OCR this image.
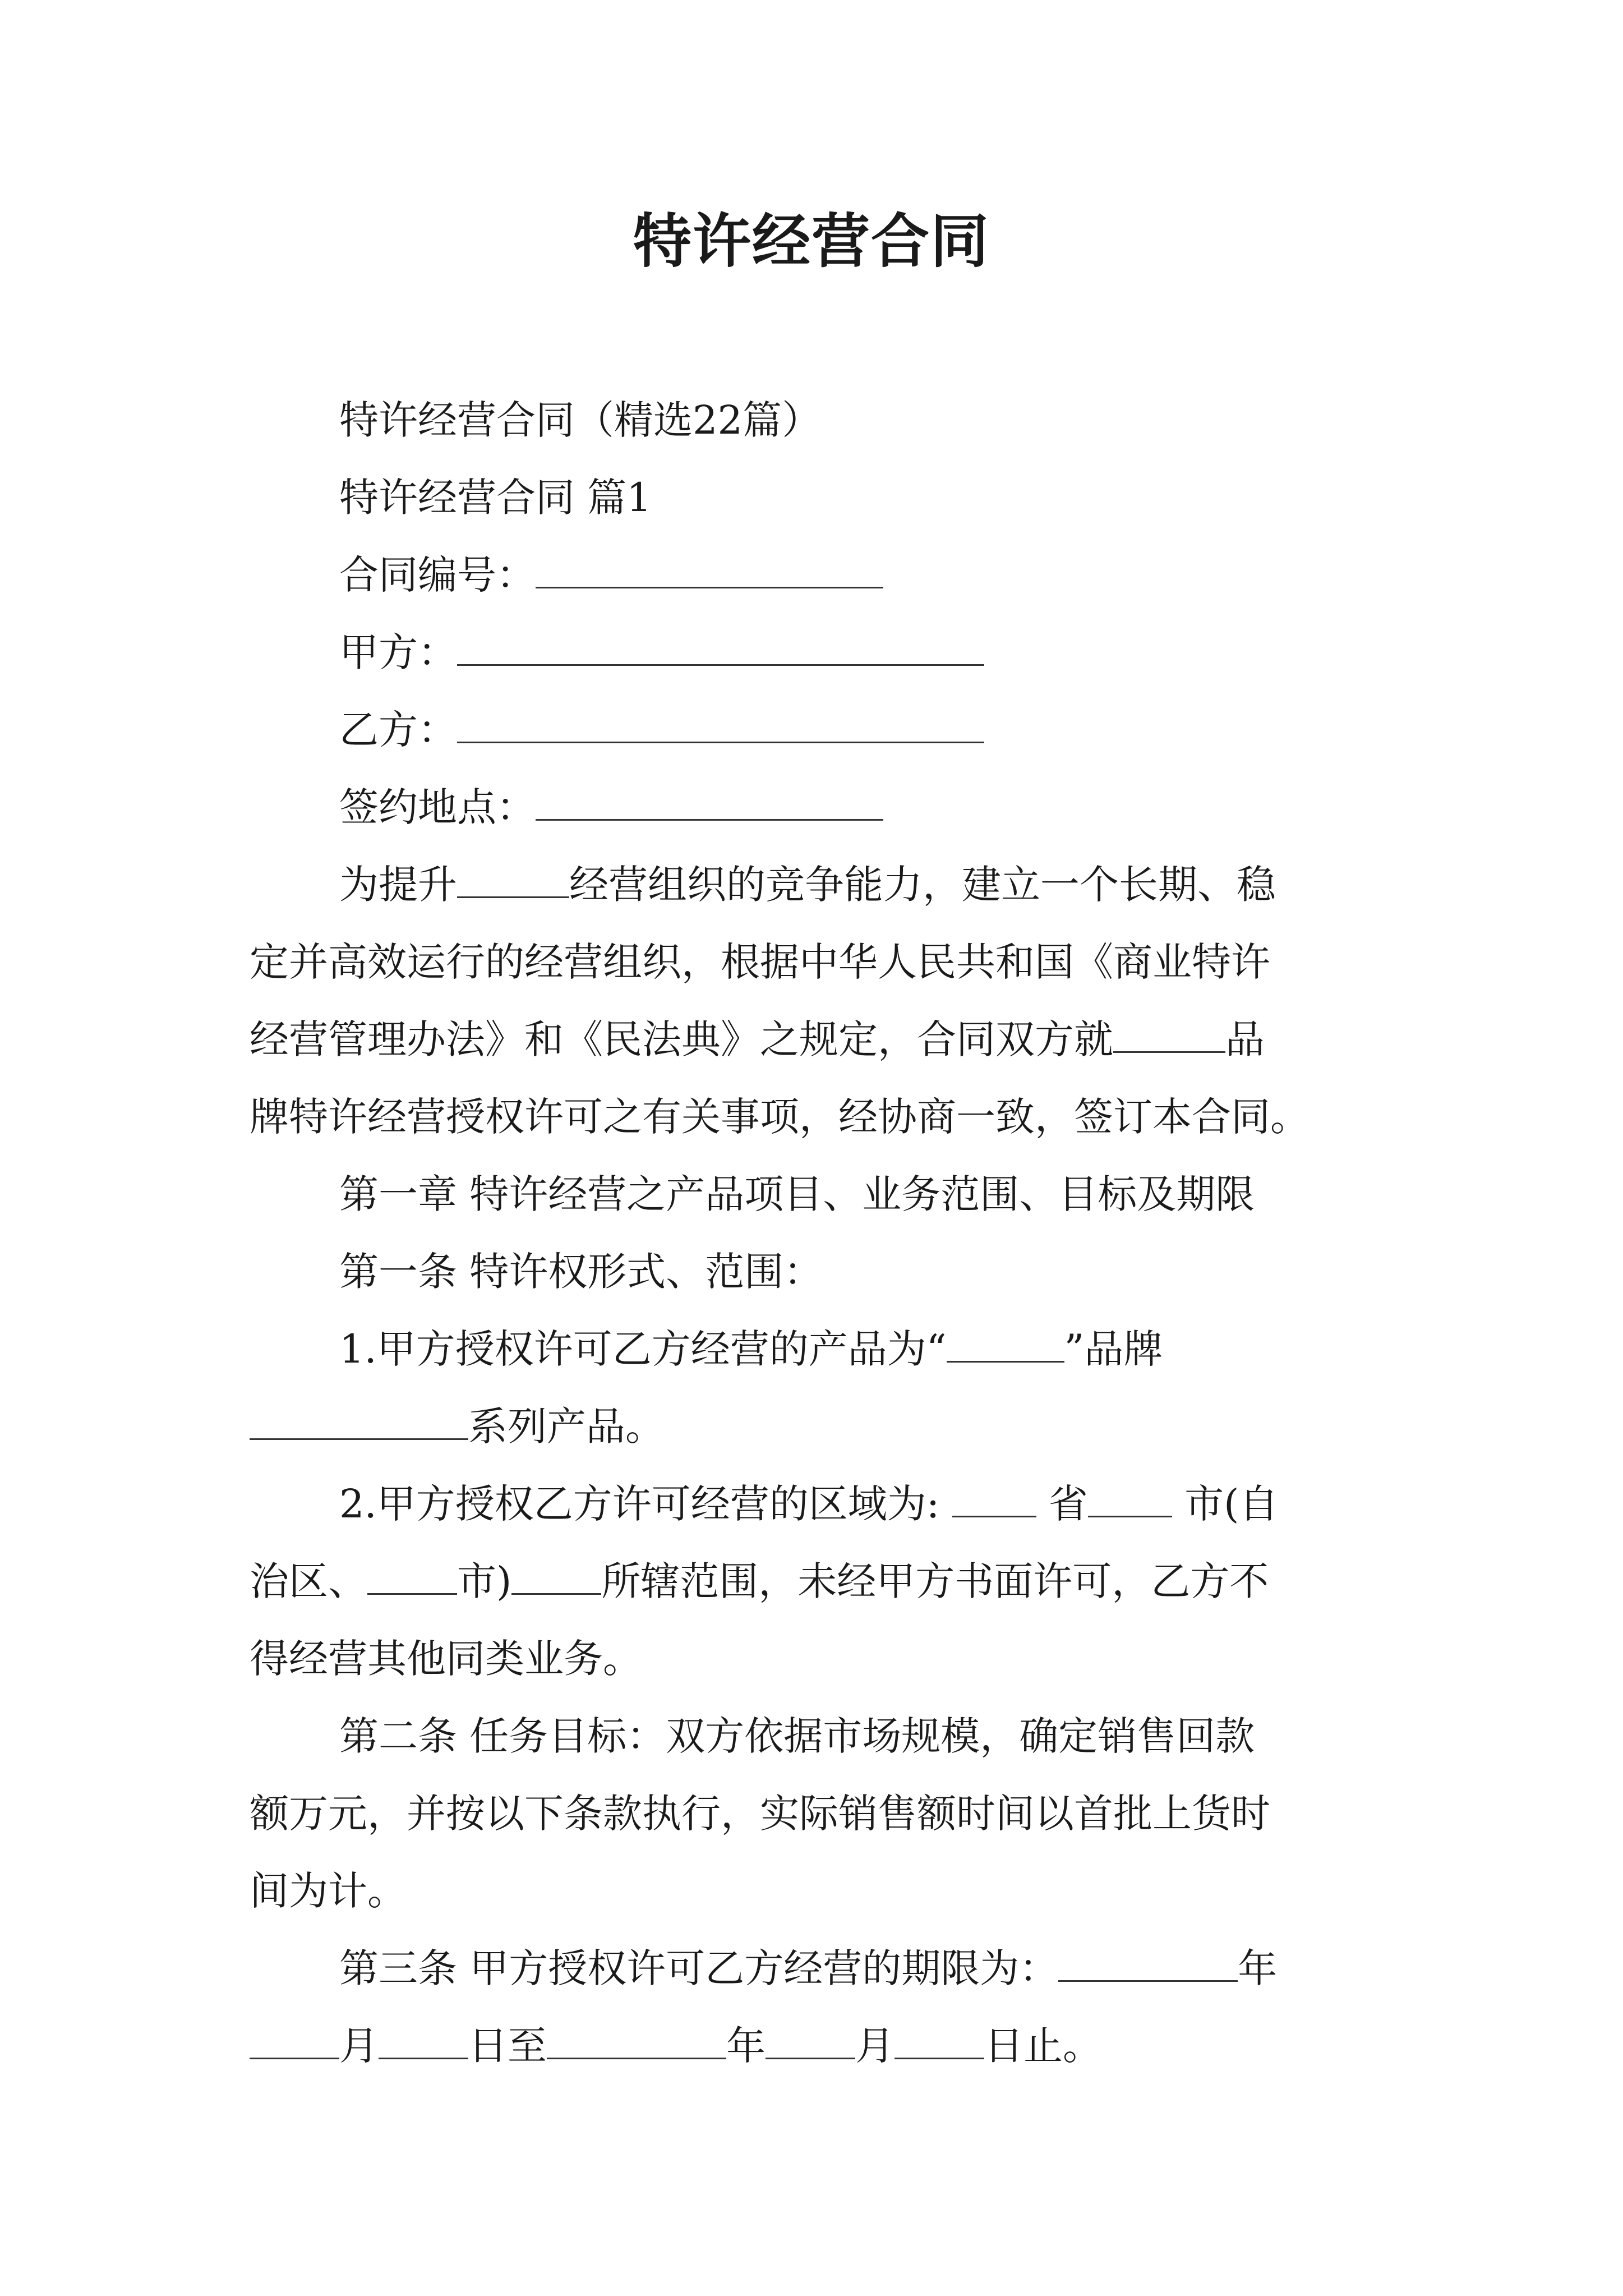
特许经营合同

特许经营合同（精选22篇）

特许经营合同 篇1

合同编号：

甲方：

乙方：

签约地点：

为提升	经营组织的竞争能力，建立一个长期、稳

定并高效运行的经营组织，根据中华人民共和国《商业特许

经营管理办法》和《民法典》之规定，合同双方就	品

牌特许经营授权许可之有关事项，经协商一致，签订本合同。

第一章 特许经营之产品项目、业务范围、目标及期限

第一条 特许权形式、范围：

1.甲方授权许可乙方经营的产品为“	”品牌

系列产品。

2.甲方授权乙方许可经营的区域为:	省 市(自

治区、 市) 所辖范围，未经甲方书面许可，乙方不

得经营其他同类业务。

第二条 任务目标：双方依据市场规模，确定销售回款

额万元，并按以下条款执行，实际销售额时间以首批上货时

间为计。

第三条 甲方授权许可乙方经营的期限为：	年

月 日至	年 月 日止。
